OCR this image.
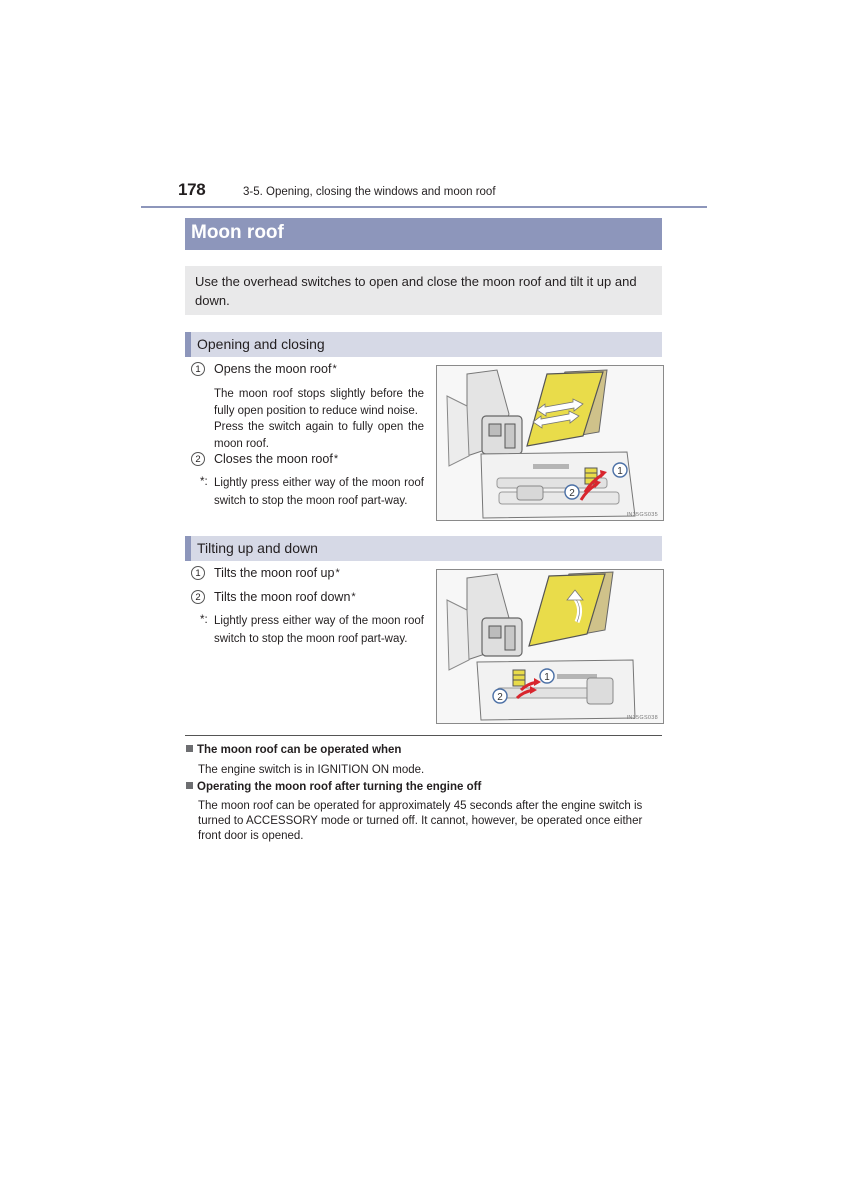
178	3-5. Opening, closing the windows and moon roof
Moon roof
Use the overhead switches to open and close the moon roof and tilt it up and down.
Opening and closing
1	Opens the moon roof *
The moon roof stops slightly before the fully open position to reduce wind noise.
Press the switch again to fully open the moon roof.
2	Closes the moon roof *
*: Lightly press either way of the moon roof switch to stop the moon roof part-way.
1
2
IN35GS035
Tilting up and down
1	Tilts the moon roof up *
2	Tilts the moon roof down *
*: Lightly press either way of the moon roof switch to stop the moon roof part-way.
1
2
IN35GS038
The moon roof can be operated when
The engine switch is in IGNITION ON mode.
Operating the moon roof after turning the engine off
The moon roof can be operated for approximately 45 seconds after the engine switch is turned to ACCESSORY mode or turned off. It cannot, however, be operated once either front door is opened.
